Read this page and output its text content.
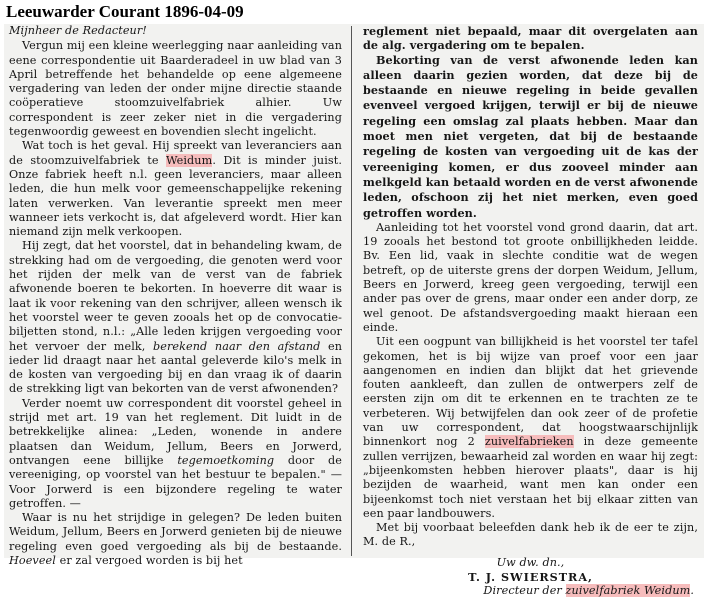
Leeuwarder Courant 1896-04-09

Mijnheer de Redacteur!

Vergun mij een kleine weerlegging naar aanleiding van eene correspondentie uit Baarderadeel in uw blad van 3 April betreffende het behandelde op eene algemeene vergadering van leden der onder mijne directie staande coöperatieve stoomzuivelfabriek alhier. Uw correspondent is zeer zeker niet in die vergadering tegenwoordig geweest en bovendien slecht ingelicht.

Wat toch is het geval. Hij spreekt van leveranciers aan de stoomzuivelfabriek te Weidum. Dit is minder juist. Onze fabriek heeft n.l. geen leveranciers, maar alleen leden, die hun melk voor gemeenschappelijke rekening laten verwerken. Van leverantie spreekt men meer wanneer iets verkocht is, dat afgeleverd wordt. Hier kan niemand zijn melk verkoopen.

Hij zegt, dat het voorstel, dat in behandeling kwam, de strekking had om de vergoeding, die genoten werd voor het rijden der melk van de verst van de fabriek afwonende boeren te bekorten. In hoeverre dit waar is laat ik voor rekening van den schrijver, alleen wensch ik het voorstel weer te geven zooals het op de convocatie-biljetten stond, n.l.: „Alle leden krijgen vergoeding voor het vervoer der melk, berekend naar den afstand en ieder lid draagt naar het aantal geleverde kilo's melk in de kosten van vergoeding bij en dan vraag ik of daarin de strekking ligt van bekorten van de verst afwonenden?

Verder noemt uw correspondent dit voorstel geheel in strijd met art. 19 van het reglement. Dit luidt in de betrekkelijke alinea: „Leden, wonende in andere plaatsen dan Weidum, Jellum, Beers en Jorwerd, ontvangen eene billijke tegemoetkoming door de vereeniging, op voorstel van het bestuur te bepalen." — Voor Jorwerd is een bijzondere regeling te water getroffen. —

Waar is nu het strijdige in gelegen? De leden buiten Weidum, Jellum, Beers en Jorwerd genieten bij de nieuwe regeling even goed vergoeding als bij de bestaande. Hoeveel er zal vergoed worden is bij het

reglement niet bepaald, maar dit overgelaten aan de alg. vergadering om te bepalen.

Bekorting van de verst afwonende leden kan alleen daarin gezien worden, dat deze bij de bestaande en nieuwe regeling in beide gevallen evenveel vergoed krijgen, terwijl er bij de nieuwe regeling een omslag zal plaats hebben. Maar dan moet men niet vergeten, dat bij de bestaande regeling de kosten van vergoeding uit de kas der vereeniging komen, er dus zooveel minder aan melkgeld kan betaald worden en de verst afwonende leden, ofschoon zij het niet merken, even goed getroffen worden.

Aanleiding tot het voorstel vond grond daarin, dat art. 19 zooals het bestond tot groote onbillijkheden leidde. Bv. Een lid, vaak in slechte conditie wat de wegen betreft, op de uiterste grens der dorpen Weidum, Jellum, Beers en Jorwerd, kreeg geen vergoeding, terwijl een ander pas over de grens, maar onder een ander dorp, ze wel genoot. De afstandsvergoeding maakt hieraan een einde.

Uit een oogpunt van billijkheid is het voorstel ter tafel gekomen, het is bij wijze van proef voor een jaar aangenomen en indien dan blijkt dat het grievende fouten aankleeft, dan zullen de ontwerpers zelf de eersten zijn om dit te erkennen en te trachten ze te verbeteren. Wij betwijfelen dan ook zeer of de profetie van uw correspondent, dat hoogstwaarschijnlijk binnenkort nog 2 zuivelfabrieken in deze gemeente zullen verrijzen, bewaarheid zal worden en waar hij zegt: „bijeenkomsten hebben hierover plaats", daar is hij bezijden de waarheid, want men kan onder een bijeenkomst toch niet verstaan het bij elkaar zitten van een paar landbouwers.

Met bij voorbaat beleefden dank heb ik de eer te zijn, M. de R.,

Uw dw. dn.,

T. J. SWIERSTRA,

Directeur der zuivelfabriek Weidum.
